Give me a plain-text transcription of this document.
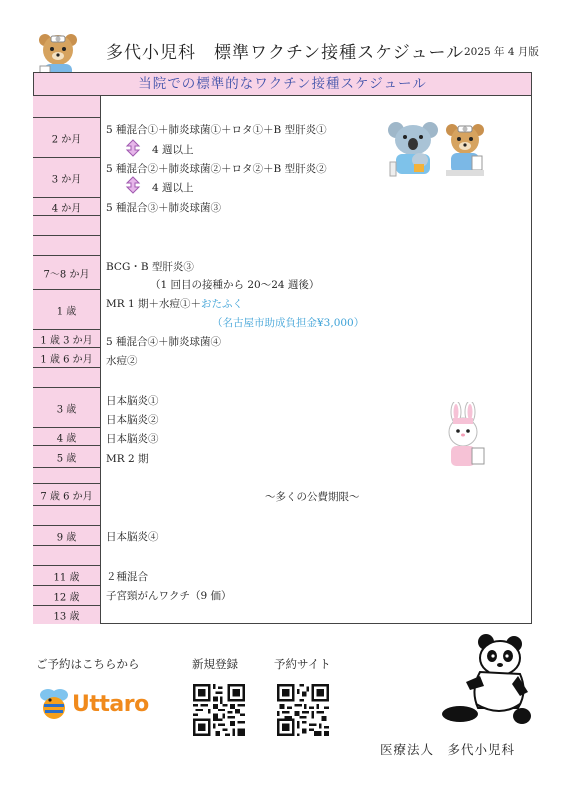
多代小児科　標準ワクチン接種スケジュール 2025 年 4 月版
当院での標準的なワクチン接種スケジュール
2 か月
3 か月
4 か月
7～8 か月
1 歳
1 歳 3 か月
1 歳 6 か月
3 歳
4 歳
5 歳
7 歳 6 か月
9 歳
11 歳
12 歳
13 歳
5 種混合①＋肺炎球菌①＋ロタ①＋B 型肝炎①
4 週以上
5 種混合②＋肺炎球菌②＋ロタ②＋B 型肝炎②
4 週以上
5 種混合③＋肺炎球菌③
BCG・B 型肝炎③
（1 回目の接種から 20～24 週後）
MR 1 期＋水痘①＋おたふく
（名古屋市助成負担金¥3,000）
5 種混合④＋肺炎球菌④
水痘②
日本脳炎①
日本脳炎②
日本脳炎③
MR 2 期
～多くの公費期限～
日本脳炎④
２種混合
子宮頸がんワクチ（9 価）
ご予約はこちらから	新規登録	予約サイト
Uttaro
医療法人　多代小児科
